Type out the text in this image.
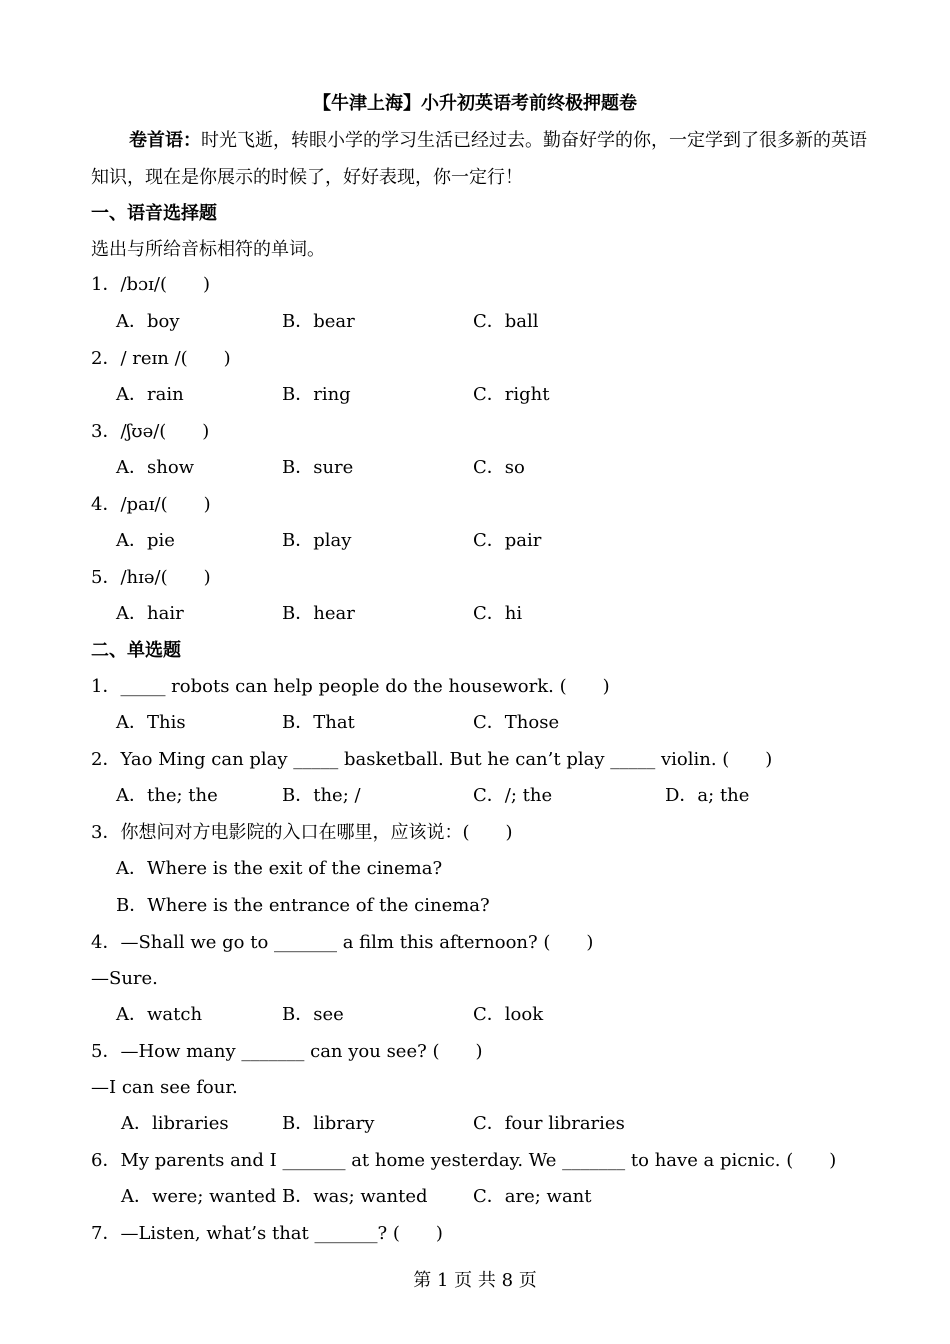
【牛津上海】小升初英语考前终极押题卷
卷首语：时光飞逝，转眼小学的学习生活已经过去。勤奋好学的你，一定学到了很多新的英语知识，现在是你展示的时候了，好好表现，你一定行！
一、语音选择题
选出与所给音标相符的单词。
1．/bɔɪ/(　　)
A．boy	B．bear	C．ball
2．/ reɪn /(　　)
A．rain	B．ring	C．right
3．/ʃʊə/(　　)
A．show	B．sure	C．so
4．/paɪ/(　　)
A．pie	B．play	C．pair
5．/hɪə/(　　)
A．hair	B．hear	C．hi
二、单选题
1．_____ robots can help people do the housework. (　　)
A．This	B．That	C．Those
2．Yao Ming can play _____ basketball. But he can’t play _____ violin. (　　)
A．the; the	B．the; /	C．/; the	D．a; the
3．你想问对方电影院的入口在哪里，应该说：(　　)
A．Where is the exit of the cinema?
B．Where is the entrance of the cinema?
4．—Shall we go to _______ a film this afternoon? (　　)
—Sure.
A．watch	B．see	C．look
5．—How many _______ can you see? (　　)
—I can see four.
A．libraries	B．library	C．four libraries
6．My parents and I _______ at home yesterday. We _______ to have a picnic. (　　)
A．were; wanted B．was; wanted	C．are; want
7．—Listen, what’s that _______? (　　)
第 1 页 共 8 页
